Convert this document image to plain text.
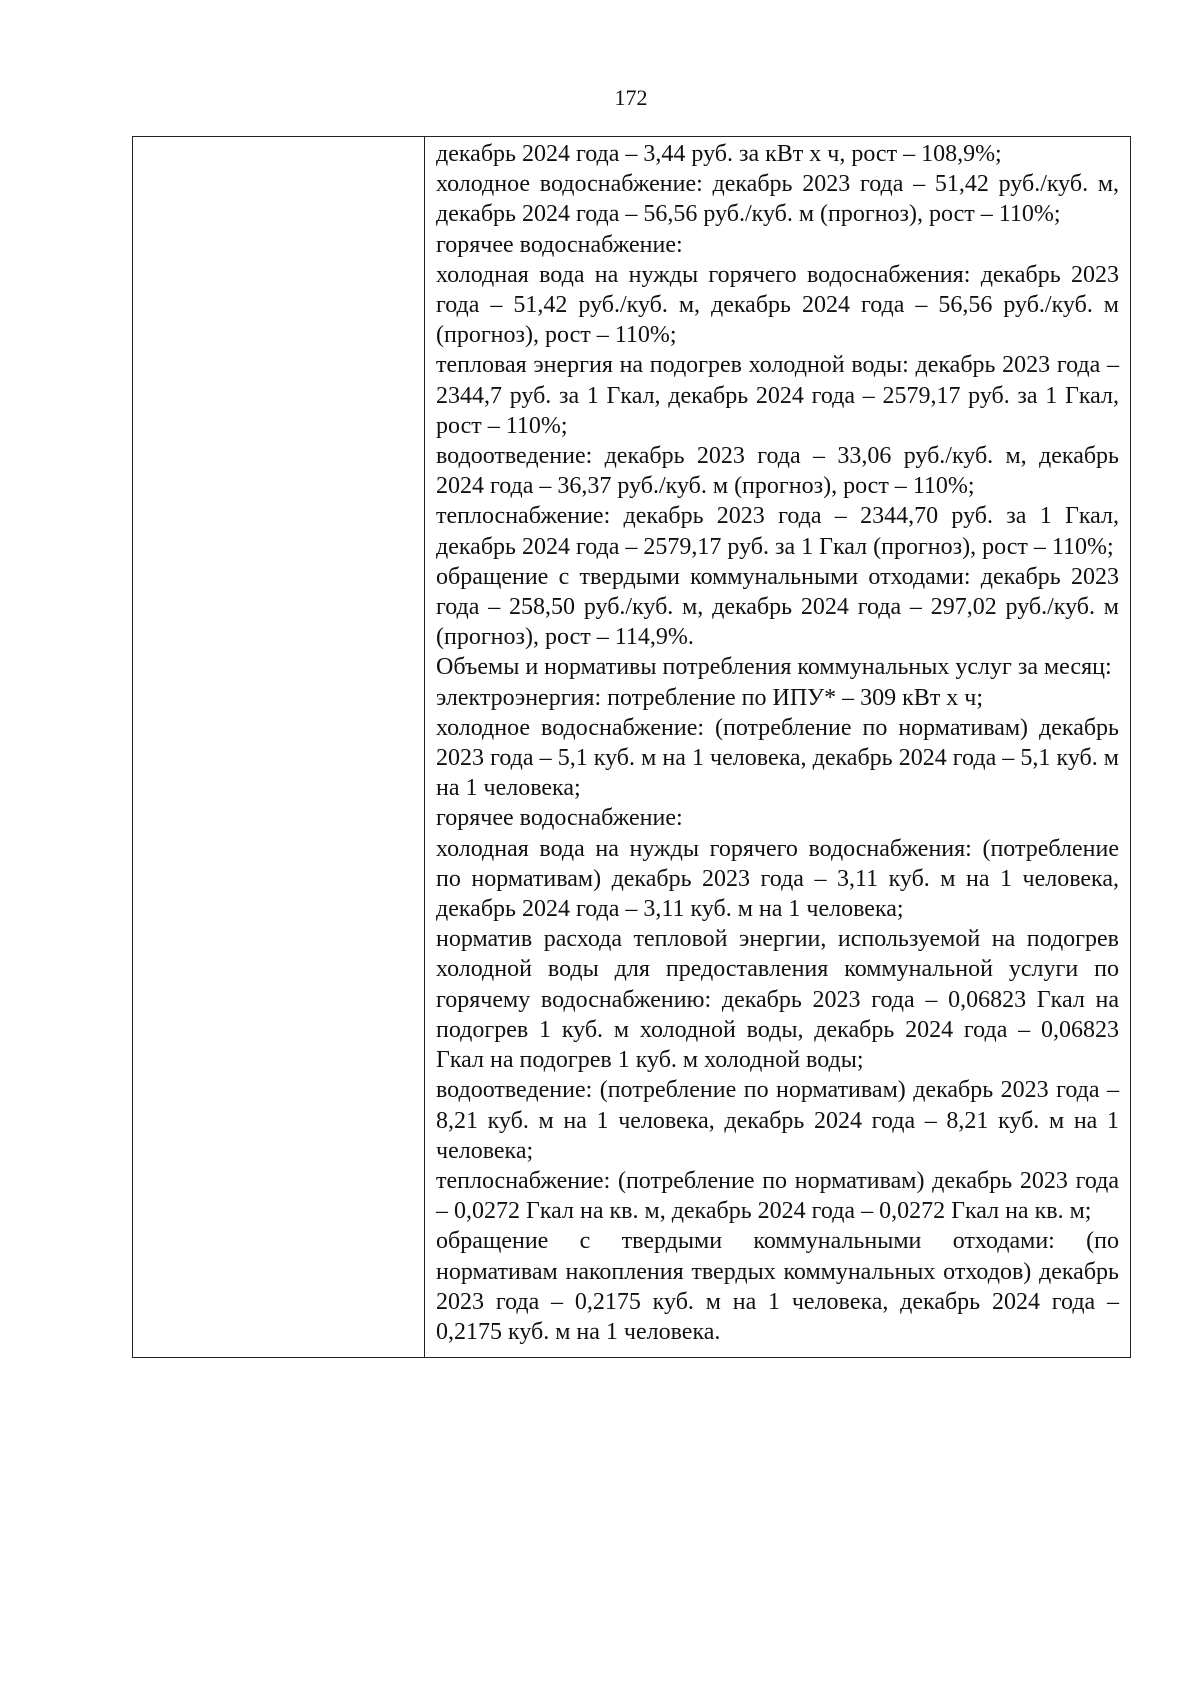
172

декабрь 2024 года – 3,44 руб. за кВт х ч, рост – 108,9%;

холодное водоснабжение: декабрь 2023 года – 51,42 руб./куб. м, декабрь 2024 года – 56,56 руб./куб. м (прогноз), рост – 110%;

горячее водоснабжение:

холодная вода на нужды горячего водоснабжения: декабрь 2023 года – 51,42 руб./куб. м, декабрь 2024 года – 56,56 руб./куб. м (прогноз), рост – 110%;

тепловая энергия на подогрев холодной воды: декабрь 2023 года – 2344,7 руб. за 1 Гкал, декабрь 2024 года – 2579,17 руб. за 1 Гкал, рост – 110%;

водоотведение: декабрь 2023 года – 33,06 руб./куб. м, декабрь 2024 года – 36,37 руб./куб. м (прогноз), рост – 110%;

теплоснабжение: декабрь 2023 года – 2344,70 руб. за 1 Гкал, декабрь 2024 года – 2579,17 руб. за 1 Гкал (прогноз), рост – 110%;

обращение с твердыми коммунальными отходами: декабрь 2023 года – 258,50 руб./куб. м, декабрь 2024 года – 297,02 руб./куб. м (прогноз), рост – 114,9%.

Объемы и нормативы потребления коммунальных услуг за месяц:

электроэнергия: потребление по ИПУ* – 309 кВт х ч;

холодное водоснабжение: (потребление по нормативам) декабрь 2023 года – 5,1 куб. м на 1 человека, декабрь 2024 года – 5,1 куб. м на 1 человека;

горячее водоснабжение:

холодная вода на нужды горячего водоснабжения: (потребление по нормативам) декабрь 2023 года – 3,11 куб. м на 1 человека, декабрь 2024 года – 3,11 куб. м на 1 человека;

норматив расхода тепловой энергии, используемой на подогрев холодной воды для предоставления коммунальной услуги по горячему водоснабжению: декабрь 2023 года – 0,06823 Гкал на подогрев 1 куб. м холодной воды, декабрь 2024 года – 0,06823 Гкал на подогрев 1 куб. м холодной воды;

водоотведение: (потребление по нормативам) декабрь 2023 года – 8,21 куб. м на 1 человека, декабрь 2024 года – 8,21 куб. м на 1 человека;

теплоснабжение: (потребление по нормативам) декабрь 2023 года – 0,0272 Гкал на кв. м, декабрь 2024 года – 0,0272 Гкал на кв. м;

обращение с твердыми коммунальными отходами: (по нормативам накопления твердых коммунальных отходов) декабрь 2023 года – 0,2175 куб. м на 1 человека, декабрь 2024 года – 0,2175 куб. м на 1 человека.
